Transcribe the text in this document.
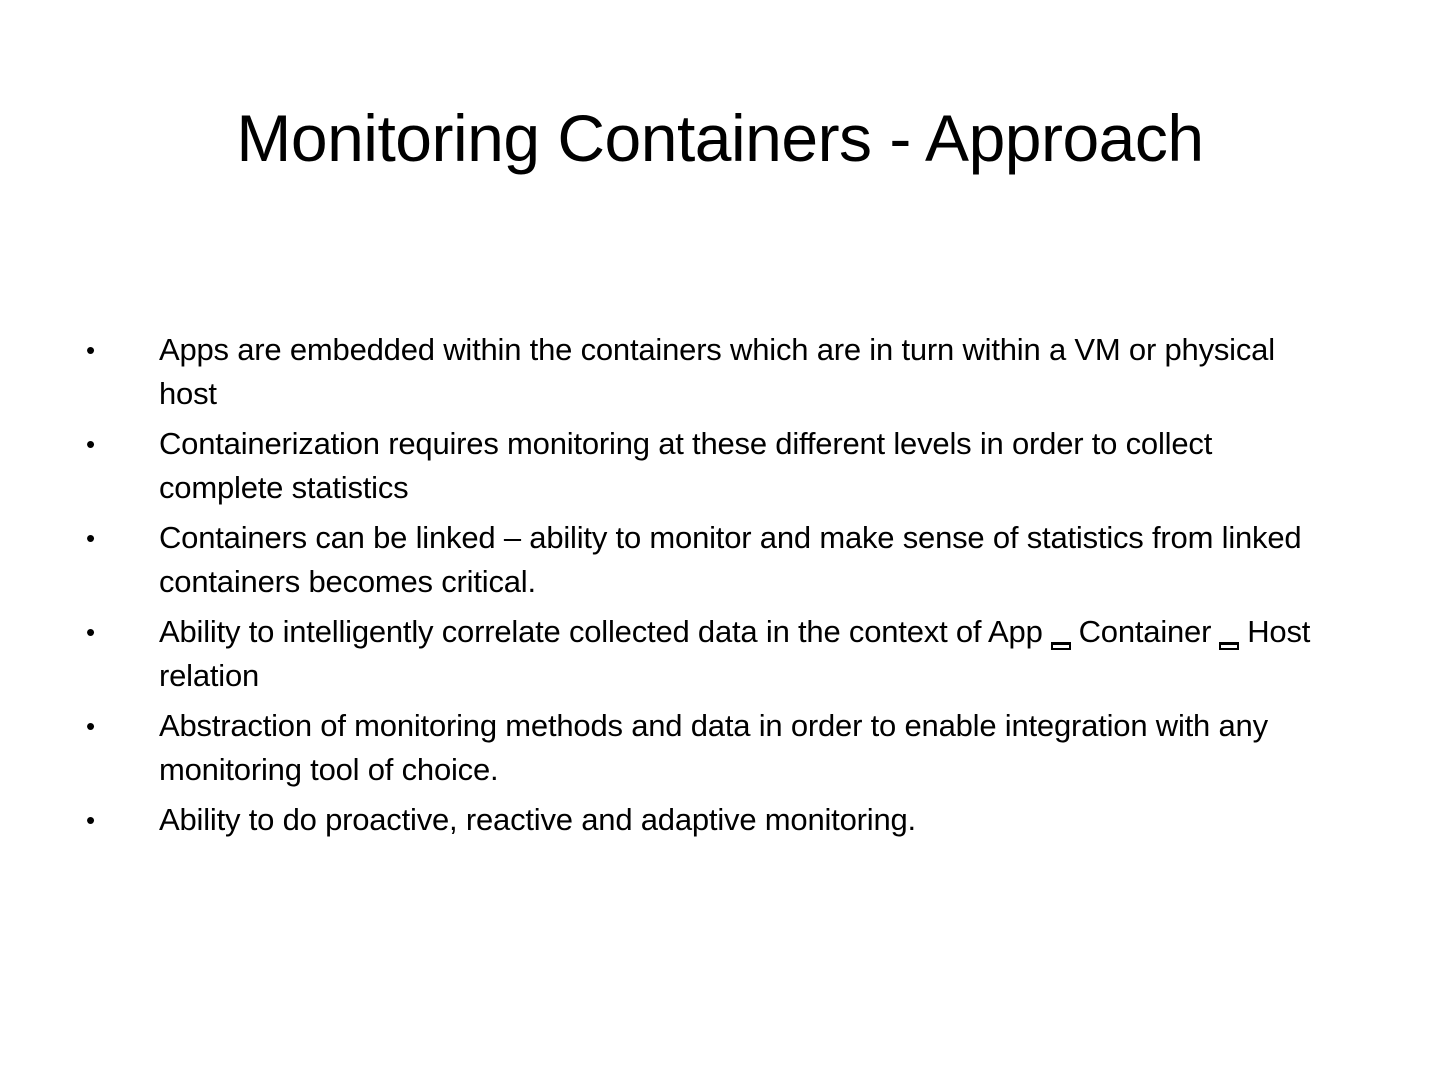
Monitoring Containers - Approach
•	Apps are embedded within the containers which are in turn within a VM or physical host
•	Containerization requires monitoring at these different levels in order to collect complete statistics
•	Containers can be linked – ability to monitor and make sense of statistics from linked containers becomes critical.
•	Ability to intelligently correlate collected data in the context of App Container Host relation
•	Abstraction of monitoring methods and data in order to enable integration with any monitoring tool of choice.
•	Ability to do proactive, reactive and adaptive monitoring.
